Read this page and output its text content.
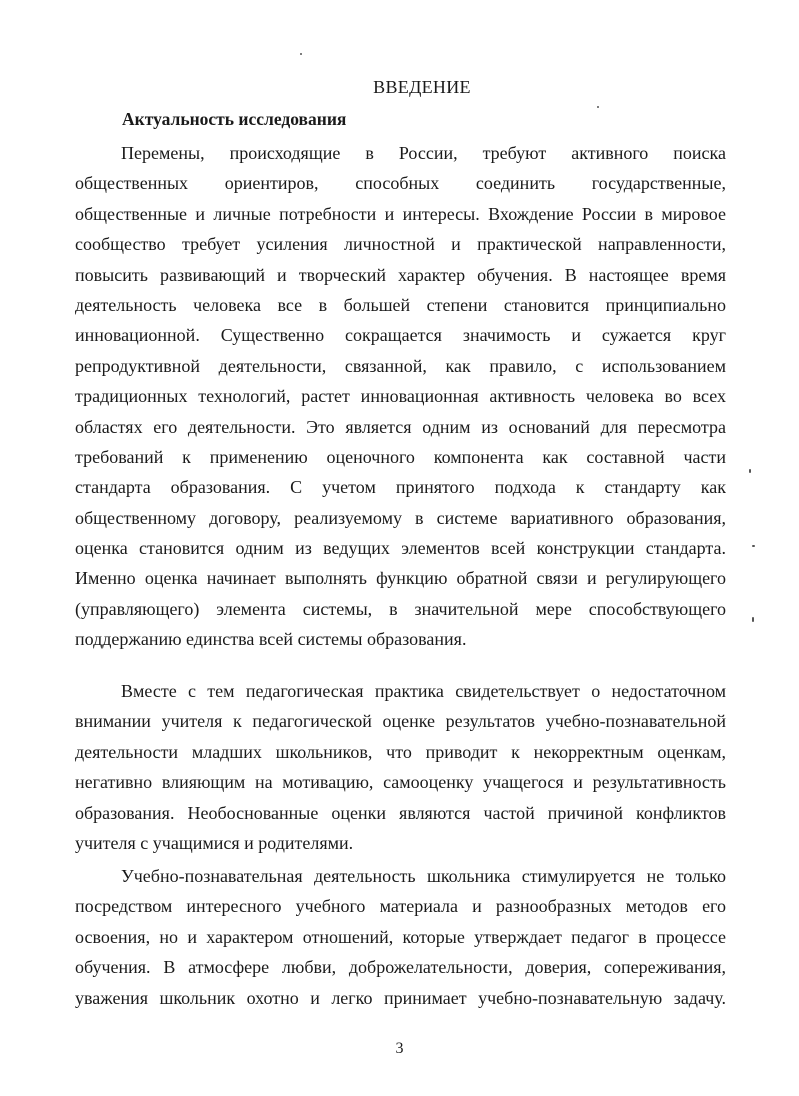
ВВЕДЕНИЕ
Актуальность исследования
Перемены, происходящие в России, требуют активного поиска
общественных ориентиров, способных соединить государственные,
общественные и личные потребности и интересы. Вхождение России в мировое
сообщество требует усиления личностной и практической направленности,
повысить развивающий и творческий характер обучения. В настоящее время
деятельность человека все в большей степени становится принципиально
инновационной. Существенно сокращается значимость и сужается круг
репродуктивной деятельности, связанной, как правило, с использованием
традиционных технологий, растет инновационная активность человека во всех
областях его деятельности. Это является одним из оснований для пересмотра
требований к применению оценочного компонента как составной части
стандарта образования. С учетом принятого подхода к стандарту как
общественному договору, реализуемому в системе вариативного образования,
оценка становится одним из ведущих элементов всей конструкции стандарта.
Именно оценка начинает выполнять функцию обратной связи и регулирующего
(управляющего) элемента системы, в значительной мере способствующего
поддержанию единства всей системы образования.
Вместе с тем педагогическая практика свидетельствует о недостаточном
внимании учителя к педагогической оценке результатов учебно-познавательной
деятельности младших школьников, что приводит к некорректным оценкам,
негативно влияющим на мотивацию, самооценку учащегося и результативность
образования. Необоснованные оценки являются частой причиной конфликтов
учителя с учащимися и родителями.
Учебно-познавательная деятельность школьника стимулируется не только
посредством интересного учебного материала и разнообразных методов его
освоения, но и характером отношений, которые утверждает педагог в процессе
обучения. В атмосфере любви, доброжелательности, доверия, сопереживания,
уважения школьник охотно и легко принимает учебно-познавательную задачу.
3
